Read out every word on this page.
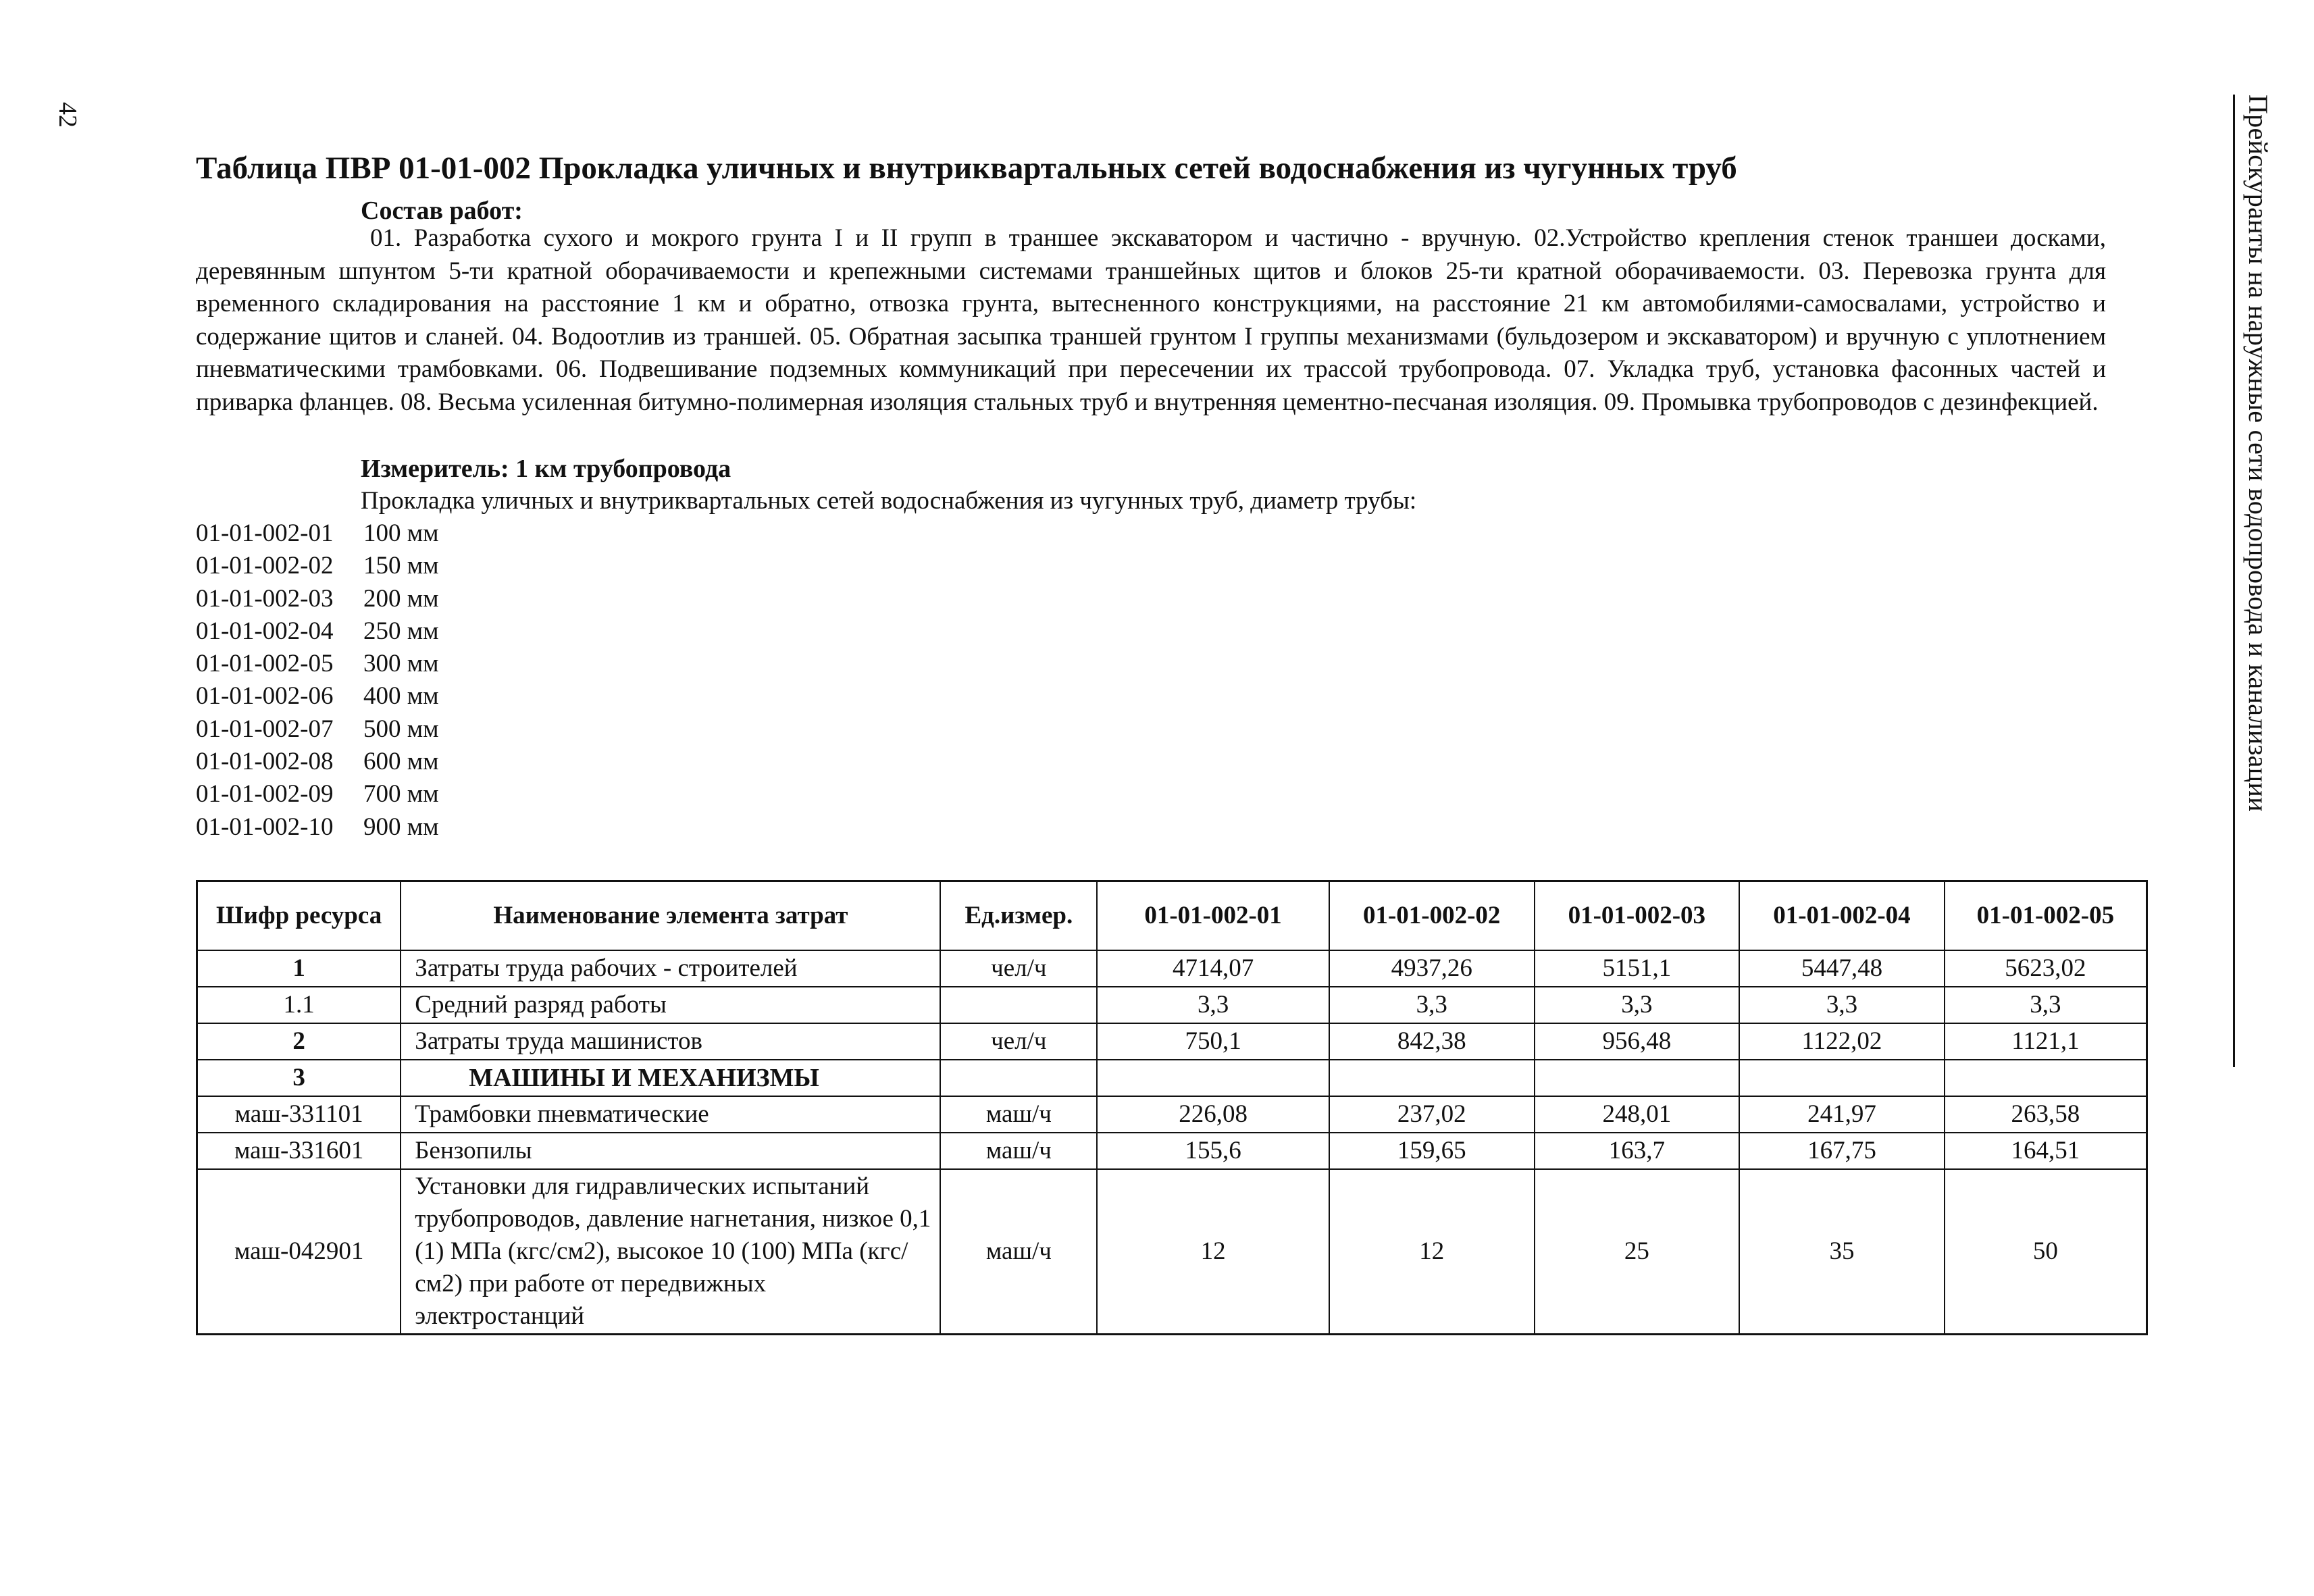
42	Прейскуранты на наружные сети водопровода и канализации
Таблица ПВР 01-01-002 Прокладка уличных и внутриквартальных сетей водоснабжения из чугунных труб
Состав работ:
01. Разработка сухого и мокрого грунта I и II групп в траншее экскаватором и частично - вручную. 02.Устройство крепления стенок траншеи досками, деревянным шпунтом 5-ти кратной оборачиваемости и крепежными системами траншейных щитов и блоков 25-ти кратной оборачиваемости. 03. Перевозка грунта для временного складирования на расстояние 1 км и обратно, отвозка грунта, вытесненного конструкциями, на расстояние 21 км автомобилями-самосвалами, устройство и содержание щитов и сланей. 04. Водоотлив из траншей. 05. Обратная засыпка траншей грунтом I группы механизмами (бульдозером и экскаватором) и вручную с уплотнением пневматическими трамбовками. 06. Подвешивание подземных коммуникаций при пересечении их трассой трубопровода. 07. Укладка труб, установка фасонных частей и приварка фланцев. 08. Весьма усиленная битумно-полимерная изоляция стальных труб и внутренняя цементно-песчаная изоляция. 09. Промывка трубопроводов с дезинфекцией.
Измеритель: 1 км трубопровода
Прокладка уличных и внутриквартальных сетей водоснабжения из чугунных труб, диаметр трубы:
01-01-002-01 100 мм
01-01-002-02 150 мм
01-01-002-03 200 мм
01-01-002-04 250 мм
01-01-002-05 300 мм
01-01-002-06 400 мм
01-01-002-07 500 мм
01-01-002-08 600 мм
01-01-002-09 700 мм
01-01-002-10 900 мм
Шифр ресурса	Наименование элемента затрат	Ед.измер.	01-01-002-01	01-01-002-02	01-01-002-03	01-01-002-04	01-01-002-05
1	Затраты труда рабочих - строителей	чел/ч	4714,07	4937,26	5151,1	5447,48	5623,02
1.1	Средний разряд работы		3,3	3,3	3,3	3,3	3,3
2	Затраты труда машинистов	чел/ч	750,1	842,38	956,48	1122,02	1121,1
3	МАШИНЫ И МЕХАНИЗМЫ						
маш-331101	Трамбовки пневматические	маш/ч	226,08	237,02	248,01	241,97	263,58
маш-331601	Бензопилы	маш/ч	155,6	159,65	163,7	167,75	164,51
маш-042901	Установки для гидравлических испытаний трубопроводов, давление нагнетания, низкое 0,1 (1) МПа (кгс/см2), высокое 10 (100) МПа (кгс/см2) при работе от передвижных электростанций	маш/ч	12	12	25	35	50
